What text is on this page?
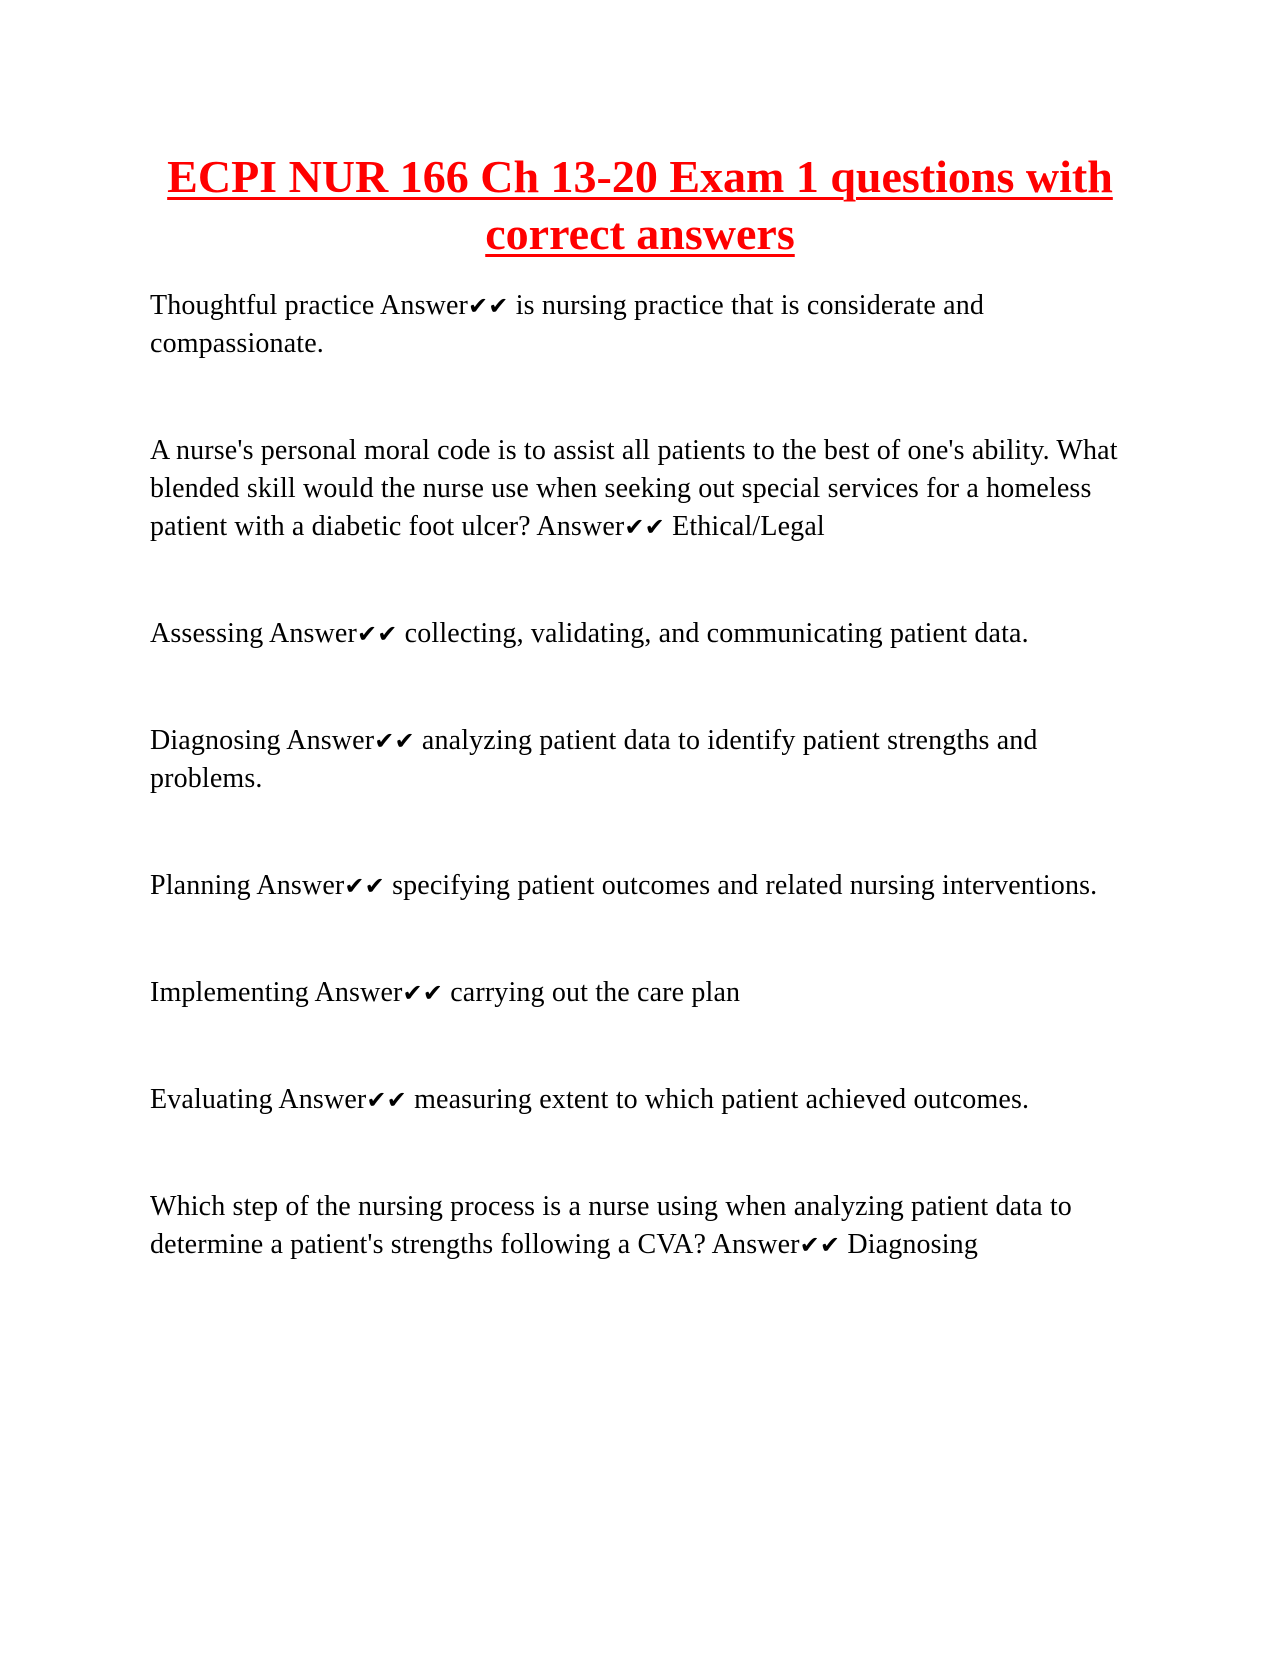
ECPI NUR 166 Ch 13-20 Exam 1 questions with correct answers

Thoughtful practice Answer✔✔ is nursing practice that is considerate and compassionate.

A nurse's personal moral code is to assist all patients to the best of one's ability. What blended skill would the nurse use when seeking out special services for a homeless patient with a diabetic foot ulcer? Answer✔✔ Ethical/Legal

Assessing Answer✔✔ collecting, validating, and communicating patient data.

Diagnosing Answer✔✔ analyzing patient data to identify patient strengths and problems.

Planning Answer✔✔ specifying patient outcomes and related nursing interventions.

Implementing Answer✔✔ carrying out the care plan

Evaluating Answer✔✔ measuring extent to which patient achieved outcomes.

Which step of the nursing process is a nurse using when analyzing patient data to determine a patient's strengths following a CVA? Answer✔✔ Diagnosing
